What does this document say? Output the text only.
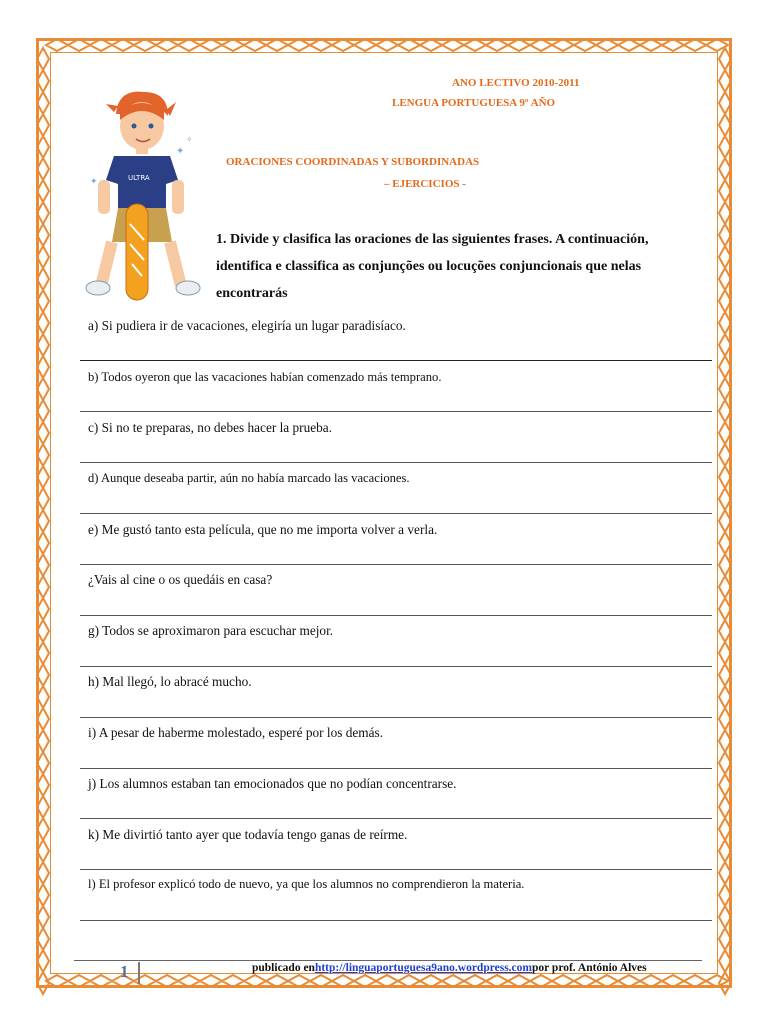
ANO LECTIVO 2010-2011
LENGUA PORTUGUESA 9º AÑO
ULTRA
✦
✧
✦
ORACIONES COORDINADAS Y SUBORDINADAS
– EJERCICIOS -
1. Divide y clasifica las oraciones de las siguientes frases. A continuación,
identifica e classifica as conjunções ou locuções conjuncionais que nelas
encontrarás
a) Si pudiera ir de vacaciones, elegiría un lugar paradisíaco.
b) Todos oyeron que las vacaciones habían comenzado más temprano.
c) Si no te preparas, no debes hacer la prueba.
d) Aunque deseaba partir, aún no había marcado las vacaciones.
e) Me gustó tanto esta película, que no me importa volver a verla.
¿Vais al cine o os quedáis en casa?
g) Todos se aproximaron para escuchar mejor.
h) Mal llegó, lo abracé mucho.
i) A pesar de haberme molestado, esperé por los demás.
j) Los alumnos estaban tan emocionados que no podían concentrarse.
k) Me divirtió tanto ayer que todavía tengo ganas de reírme.
l) El profesor explicó todo de nuevo, ya que los alumnos no comprendieron la materia.
1	publicado enhttp://linguaportuguesa9ano.wordpress.compor prof. António Alves
